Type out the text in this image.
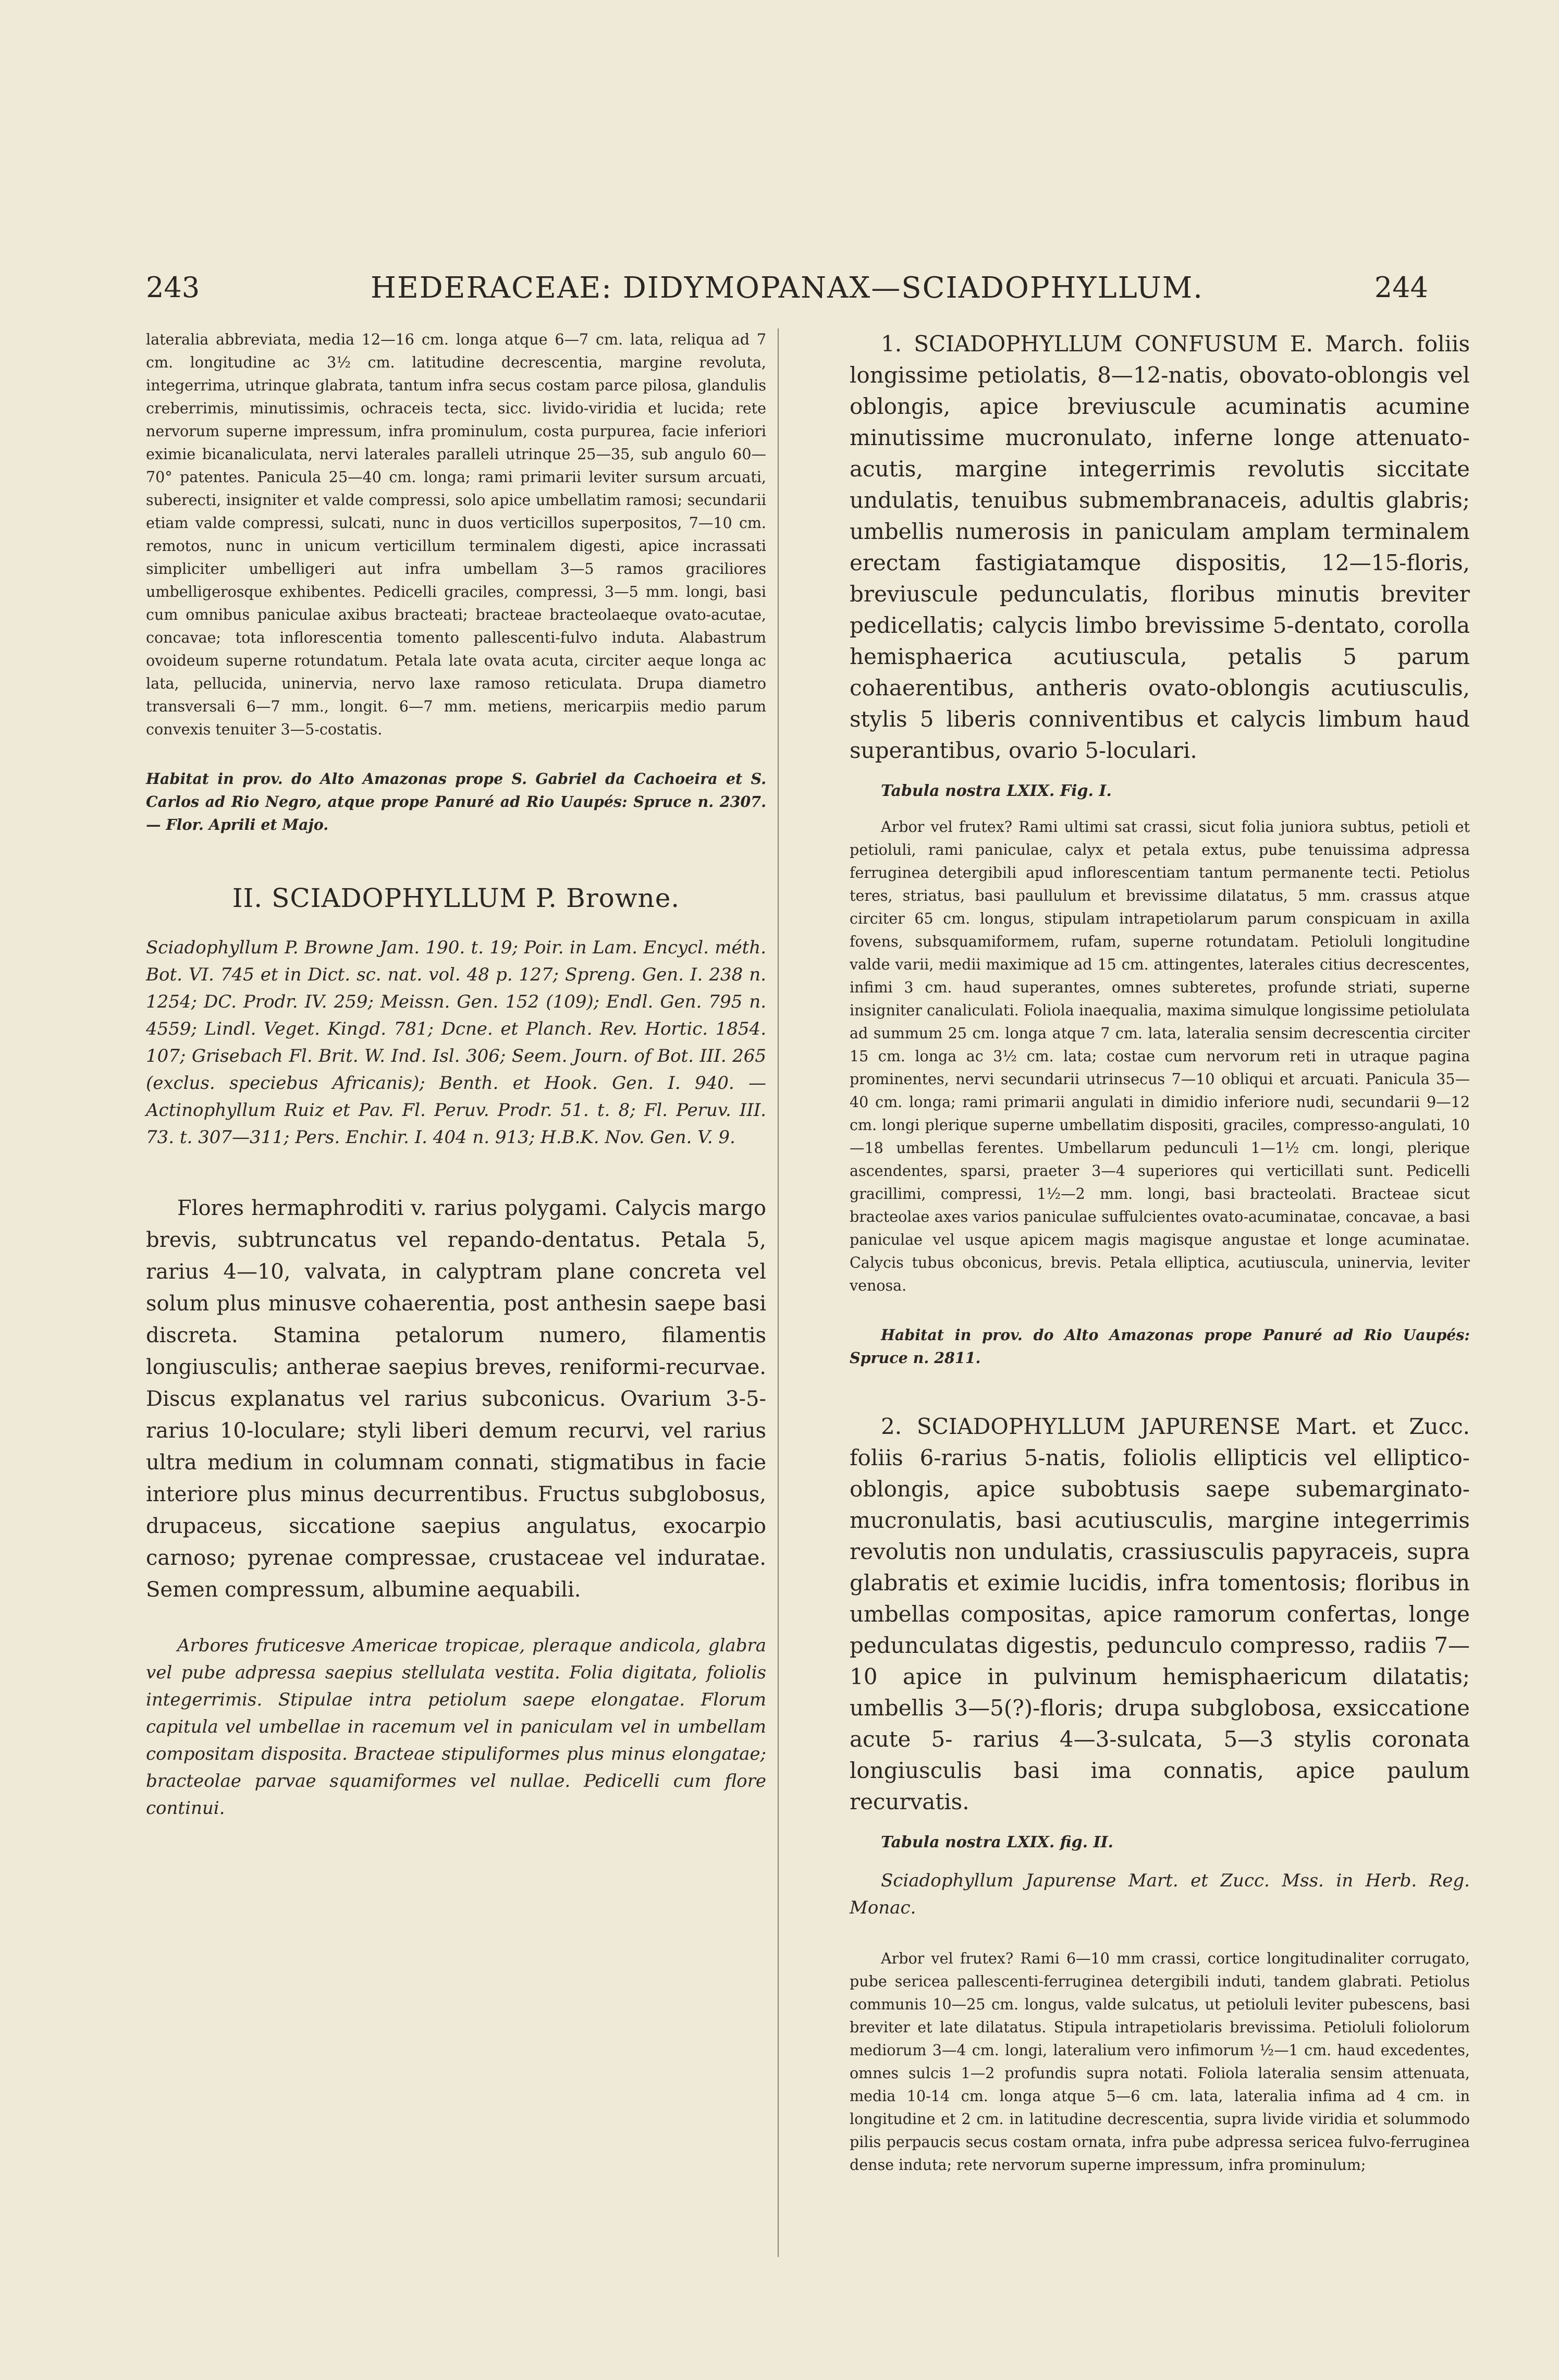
243	HEDERACEAE: DIDYMOPANAX—SCIADOPHYLLUM.	244

lateralia abbreviata, media 12—16 cm. longa atque 6—7 cm. lata, reliqua ad 7 cm. longitudine ac 3½ cm. latitudine decrescentia, margine revoluta, integerrima, utrinque glabrata, tantum infra secus costam parce pilosa, glandulis creberrimis, minutissimis, ochraceis tecta, sicc. livido-viridia et lucida; rete nervorum superne impressum, infra prominulum, costa purpurea, facie inferiori eximie bicanaliculata, nervi laterales paralleli utrinque 25—35, sub angulo 60—70° patentes. Panicula 25—40 cm. longa; rami primarii leviter sursum arcuati, suberecti, insigniter et valde compressi, solo apice umbellatim ramosi; secundarii etiam valde compressi, sulcati, nunc in duos verticillos superpositos, 7—10 cm. remotos, nunc in unicum verticillum terminalem digesti, apice incrassati simpliciter umbelligeri aut infra umbellam 3—5 ramos graciliores umbelligerosque exhibentes. Pedicelli graciles, compressi, 3—5 mm. longi, basi cum omnibus paniculae axibus bracteati; bracteae bracteolaeque ovato-acutae, concavae; tota inflorescentia tomento pallescenti-fulvo induta. Alabastrum ovoideum superne rotundatum. Petala late ovata acuta, circiter aeque longa ac lata, pellucida, uninervia, nervo laxe ramoso reticulata. Drupa diametro transversali 6—7 mm., longit. 6—7 mm. metiens, mericarpiis medio parum convexis tenuiter 3—5-costatis.

Habitat in prov. do Alto Amazonas prope S. Gabriel da Cachoeira et S. Carlos ad Rio Negro, atque prope Panuré ad Rio Uaupés: Spruce n. 2307. — Flor. Aprili et Majo.

II. SCIADOPHYLLUM P. Browne.

Sciadophyllum P. Browne Jam. 190. t. 19; Poir. in Lam. Encycl. méth. Bot. VI. 745 et in Dict. sc. nat. vol. 48 p. 127; Spreng. Gen. I. 238 n. 1254; DC. Prodr. IV. 259; Meissn. Gen. 152 (109); Endl. Gen. 795 n. 4559; Lindl. Veget. Kingd. 781; Dcne. et Planch. Rev. Hortic. 1854. 107; Grisebach Fl. Brit. W. Ind. Isl. 306; Seem. Journ. of Bot. III. 265 (exclus. speciebus Africanis); Benth. et Hook. Gen. I. 940. — Actinophyllum Ruiz et Pav. Fl. Peruv. Prodr. 51. t. 8; Fl. Peruv. III. 73. t. 307—311; Pers. Enchir. I. 404 n. 913; H.B.K. Nov. Gen. V. 9.

Flores hermaphroditi v. rarius polygami. Calycis margo brevis, subtruncatus vel repando-dentatus. Petala 5, rarius 4—10, valvata, in calyptram plane concreta vel solum plus minusve cohaerentia, post anthesin saepe basi discreta. Stamina petalorum numero, filamentis longiusculis; antherae saepius breves, reniformi-recurvae. Discus explanatus vel rarius subconicus. Ovarium 3-5-rarius 10-loculare; styli liberi demum recurvi, vel rarius ultra medium in columnam connati, stigmatibus in facie interiore plus minus decurrentibus. Fructus subglobosus, drupaceus, siccatione saepius angulatus, exocarpio carnoso; pyrenae compressae, crustaceae vel induratae. Semen compressum, albumine aequabili.

Arbores fruticesve Americae tropicae, pleraque andicola, glabra vel pube adpressa saepius stellulata vestita. Folia digitata, foliolis integerrimis. Stipulae intra petiolum saepe elongatae. Florum capitula vel umbellae in racemum vel in paniculam vel in umbellam compositam disposita. Bracteae stipuliformes plus minus elongatae; bracteolae parvae squamiformes vel nullae. Pedicelli cum flore continui.

1. SCIADOPHYLLUM CONFUSUM E. March. foliis longissime petiolatis, 8—12-natis, obovato-oblongis vel oblongis, apice breviuscule acuminatis acumine minutissime mucronulato, inferne longe attenuato-acutis, margine integerrimis revolutis siccitate undulatis, tenuibus submembranaceis, adultis glabris; umbellis numerosis in paniculam amplam terminalem erectam fastigiatamque dispositis, 12—15-floris, breviuscule pedunculatis, floribus minutis breviter pedicellatis; calycis limbo brevissime 5-dentato, corolla hemisphaerica acutiuscula, petalis 5 parum cohaerentibus, antheris ovato-oblongis acutiusculis, stylis 5 liberis conniventibus et calycis limbum haud superantibus, ovario 5-loculari.

Tabula nostra LXIX. Fig. I.

Arbor vel frutex? Rami ultimi sat crassi, sicut folia juniora subtus, petioli et petioluli, rami paniculae, calyx et petala extus, pube tenuissima adpressa ferruginea detergibili apud inflorescentiam tantum permanente tecti. Petiolus teres, striatus, basi paullulum et brevissime dilatatus, 5 mm. crassus atque circiter 65 cm. longus, stipulam intrapetiolarum parum conspicuam in axilla fovens, subsquamiformem, rufam, superne rotundatam. Petioluli longitudine valde varii, medii maximique ad 15 cm. attingentes, laterales citius decrescentes, infimi 3 cm. haud superantes, omnes subteretes, profunde striati, superne insigniter canaliculati. Foliola inaequalia, maxima simulque longissime petiolulata ad summum 25 cm. longa atque 7 cm. lata, lateralia sensim decrescentia circiter 15 cm. longa ac 3½ cm. lata; costae cum nervorum reti in utraque pagina prominentes, nervi secundarii utrinsecus 7—10 obliqui et arcuati. Panicula 35—40 cm. longa; rami primarii angulati in dimidio inferiore nudi, secundarii 9—12 cm. longi plerique superne umbellatim dispositi, graciles, compresso-angulati, 10—18 umbellas ferentes. Umbellarum pedunculi 1—1½ cm. longi, plerique ascendentes, sparsi, praeter 3—4 superiores qui verticillati sunt. Pedicelli gracillimi, compressi, 1½—2 mm. longi, basi bracteolati. Bracteae sicut bracteolae axes varios paniculae suffulcientes ovato-acuminatae, concavae, a basi paniculae vel usque apicem magis magisque angustae et longe acuminatae. Calycis tubus obconicus, brevis. Petala elliptica, acutiuscula, uninervia, leviter venosa.

Habitat in prov. do Alto Amazonas prope Panuré ad Rio Uaupés: Spruce n. 2811.

2. SCIADOPHYLLUM JAPURENSE Mart. et Zucc. foliis 6-rarius 5-natis, foliolis ellipticis vel elliptico-oblongis, apice subobtusis saepe subemarginato-mucronulatis, basi acutiusculis, margine integerrimis revolutis non undulatis, crassiusculis papyraceis, supra glabratis et eximie lucidis, infra tomentosis; floribus in umbellas compositas, apice ramorum confertas, longe pedunculatas digestis, pedunculo compresso, radiis 7—10 apice in pulvinum hemisphaericum dilatatis; umbellis 3—5(?)-floris; drupa subglobosa, exsiccatione acute 5- rarius 4—3-sulcata, 5—3 stylis coronata longiusculis basi ima connatis, apice paulum recurvatis.

Tabula nostra LXIX. fig. II.

Sciadophyllum Japurense Mart. et Zucc. Mss. in Herb. Reg. Monac.

Arbor vel frutex? Rami 6—10 mm crassi, cortice longitudinaliter corrugato, pube sericea pallescenti-ferruginea detergibili induti, tandem glabrati. Petiolus communis 10—25 cm. longus, valde sulcatus, ut petioluli leviter pubescens, basi breviter et late dilatatus. Stipula intrapetiolaris brevissima. Petioluli foliolorum mediorum 3—4 cm. longi, lateralium vero infimorum ½—1 cm. haud excedentes, omnes sulcis 1—2 profundis supra notati. Foliola lateralia sensim attenuata, media 10-14 cm. longa atque 5—6 cm. lata, lateralia infima ad 4 cm. in longitudine et 2 cm. in latitudine decrescentia, supra livide viridia et solummodo pilis perpaucis secus costam ornata, infra pube adpressa sericea fulvo-ferruginea dense induta; rete nervorum superne impressum, infra prominulum;
